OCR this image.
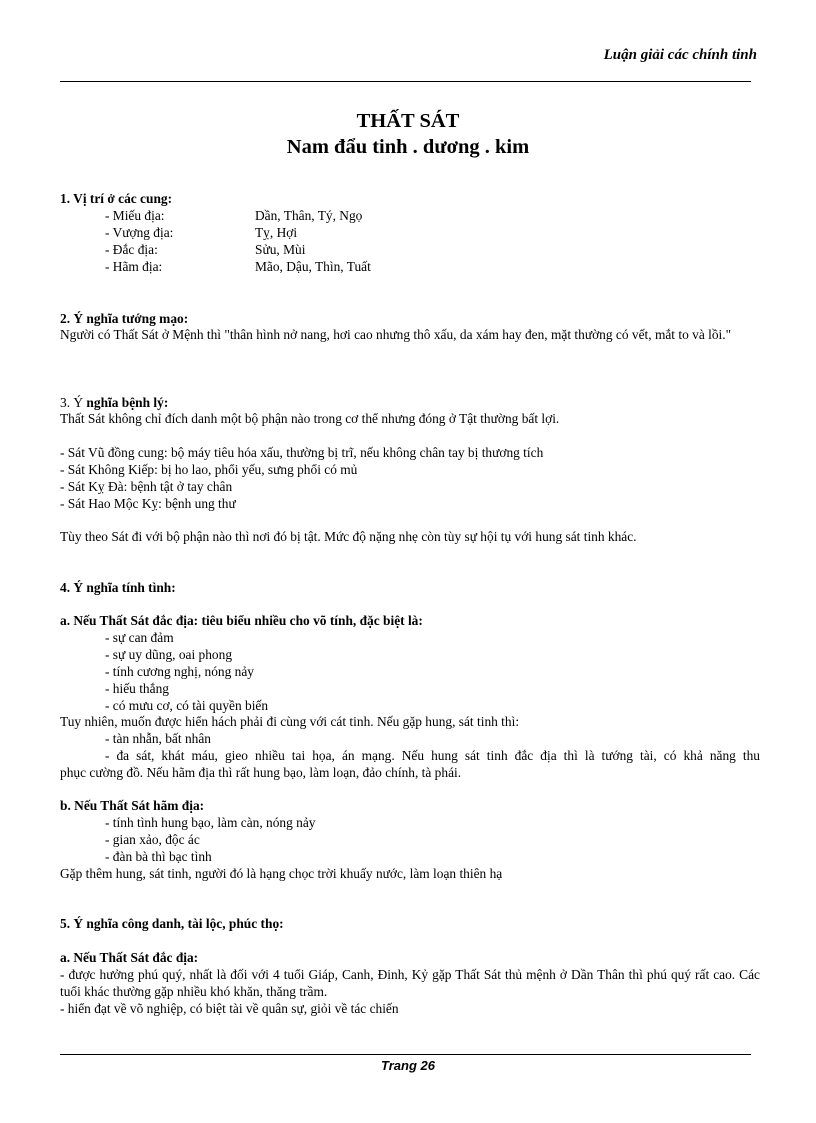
Luận giải các chính tinh
THẤT SÁT
Nam đẩu tinh . dương . kim
1. Vị trí ở các cung:
- Miếu địa:	Dần, Thân, Tý, Ngọ
- Vượng địa:	Tỵ, Hợi
- Đắc địa:	Sửu, Mùi
- Hãm địa:	Mão, Dậu, Thìn, Tuất
2. Ý nghĩa tướng mạo:
Người có Thất Sát ở Mệnh thì "thân hình nở nang, hơi cao nhưng thô xấu, da xám hay đen, mặt thường có vết, mắt to và lồi."
3. Ý nghĩa bệnh lý:
Thất Sát không chỉ đích danh một bộ phận nào trong cơ thể nhưng đóng ở Tật thường bất lợi.
- Sát Vũ đồng cung: bộ máy tiêu hóa xấu, thường bị trĩ, nếu không chân tay bị thương tích
- Sát Không Kiếp: bị ho lao, phổi yếu, sưng phổi có mủ
- Sát Kỵ Đà: bệnh tật ở tay chân
- Sát Hao Mộc Kỵ: bệnh ung thư
Tùy theo Sát đi với bộ phận nào thì nơi đó bị tật. Mức độ nặng nhẹ còn tùy sự hội tụ với hung sát tinh khác.
4. Ý nghĩa tính tình:
a. Nếu Thất Sát đắc địa: tiêu biểu nhiều cho võ tính, đặc biệt là:
- sự can đảm
- sự uy dũng, oai phong
- tính cương nghị, nóng nảy
- hiếu thắng
- có mưu cơ, có tài quyền biến
Tuy nhiên, muốn được hiển hách phải đi cùng với cát tinh. Nếu gặp hung, sát tinh thì:
- tàn nhẫn, bất nhân
- đa sát, khát máu, gieo nhiều tai họa, án mạng. Nếu hung sát tinh đắc địa thì là tướng tài, có khả năng thu
phục cường đồ. Nếu hãm địa thì rất hung bạo, làm loạn, đảo chính, tà phái.
b. Nếu Thất Sát hãm địa:
- tính tình hung bạo, làm càn, nóng nảy
- gian xảo, độc ác
- đàn bà thì bạc tình
Gặp thêm hung, sát tinh, người đó là hạng chọc trời khuấy nước, làm loạn thiên hạ
5. Ý nghĩa công danh, tài lộc, phúc thọ:
a. Nếu Thất Sát đắc địa:
- được hưởng phú quý, nhất là đối với 4 tuổi Giáp, Canh, Đinh, Kỷ gặp Thất Sát thủ mệnh ở Dần Thân thì phú quý rất cao. Các tuổi khác thường gặp nhiều khó khăn, thăng trầm.
- hiển đạt về võ nghiệp, có biệt tài về quân sự, giỏi về tác chiến
Trang 26
